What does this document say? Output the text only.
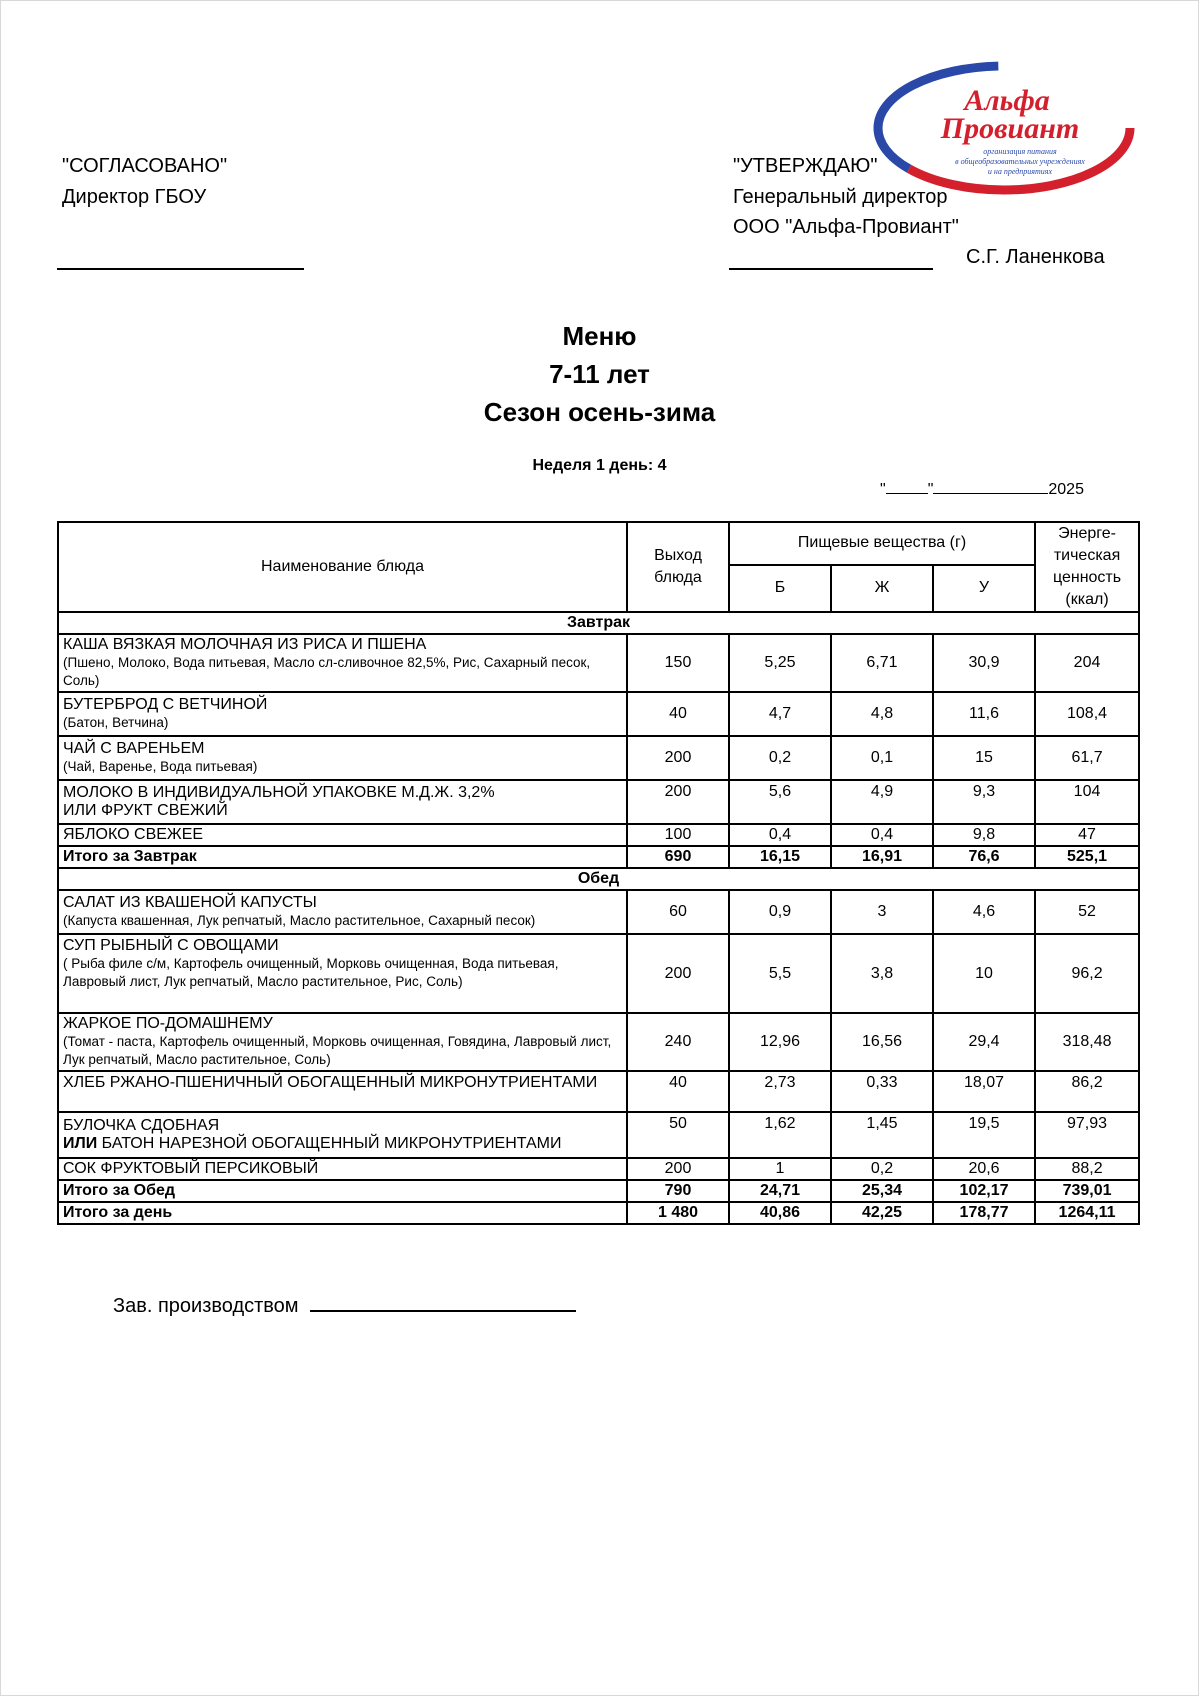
Альфа
Провиант
организация питания
в общеобразовательных учреждениях
и на предприятиях
"СОГЛАСОВАНО"
Директор ГБОУ
"УТВЕРЖДАЮ"
Генеральный директор
ООО "Альфа-Провиант"
С.Г. Ланенкова
Меню
7-11 лет
Сезон осень-зима
Неделя 1 день: 4
"	"	2025
Наименование блюда	Выход блюда	Пищевые вещества (г)			Энерге-тическая ценность (ккал)
		Б	Ж	У	
Завтрак					

КАША ВЯЗКАЯ МОЛОЧНАЯ ИЗ РИСА И ПШЕНА
(Пшено, Молоко, Вода питьевая, Масло сл-сливочное 82,5%, Рис, Сахарный песок, Соль)	150	5,25	6,71	30,9	204

БУТЕРБРОД С ВЕТЧИНОЙ
(Батон, Ветчина)	40	4,7	4,8	11,6	108,4

ЧАЙ С ВАРЕНЬЕМ
(Чай, Варенье, Вода питьевая)	200	0,2	0,1	15	61,7

МОЛОКО В ИНДИВИДУАЛЬНОЙ УПАКОВКЕ М.Д.Ж. 3,2%
ИЛИ ФРУКТ СВЕЖИЙ	200	5,6	4,9	9,3	104

ЯБЛОКО СВЕЖЕЕ	100	0,4	0,4	9,8	47
Итого за Завтрак	690	16,15	16,91	76,6	525,1
Обед					

САЛАТ ИЗ КВАШЕНОЙ КАПУСТЫ
(Капуста квашенная, Лук репчатый, Масло растительное, Сахарный песок)	60	0,9	3	4,6	52

СУП РЫБНЫЙ С ОВОЩАМИ
( Рыба филе с/м, Картофель очищенный, Морковь очищенная, Вода питьевая, Лавровый лист, Лук репчатый, Масло растительное, Рис, Соль)	200	5,5	3,8	10	96,2

ЖАРКОЕ ПО-ДОМАШНЕМУ
(Томат - паста, Картофель очищенный, Морковь очищенная, Говядина, Лавровый лист, Лук репчатый, Масло растительное, Соль)	240	12,96	16,56	29,4	318,48

ХЛЕБ РЖАНО-ПШЕНИЧНЫЙ ОБОГАЩЕННЫЙ МИКРОНУТРИЕНТАМИ	40	2,73	0,33	18,07	86,2

БУЛОЧКА СДОБНАЯ
ИЛИ БАТОН НАРЕЗНОЙ ОБОГАЩЕННЫЙ МИКРОНУТРИЕНТАМИ	50	1,62	1,45	19,5	97,93

СОК ФРУКТОВЫЙ ПЕРСИКОВЫЙ	200	1	0,2	20,6	88,2
Итого за Обед	790	24,71	25,34	102,17	739,01
Итого за день	1 480	40,86	42,25	178,77	1264,11
Зав. производством
